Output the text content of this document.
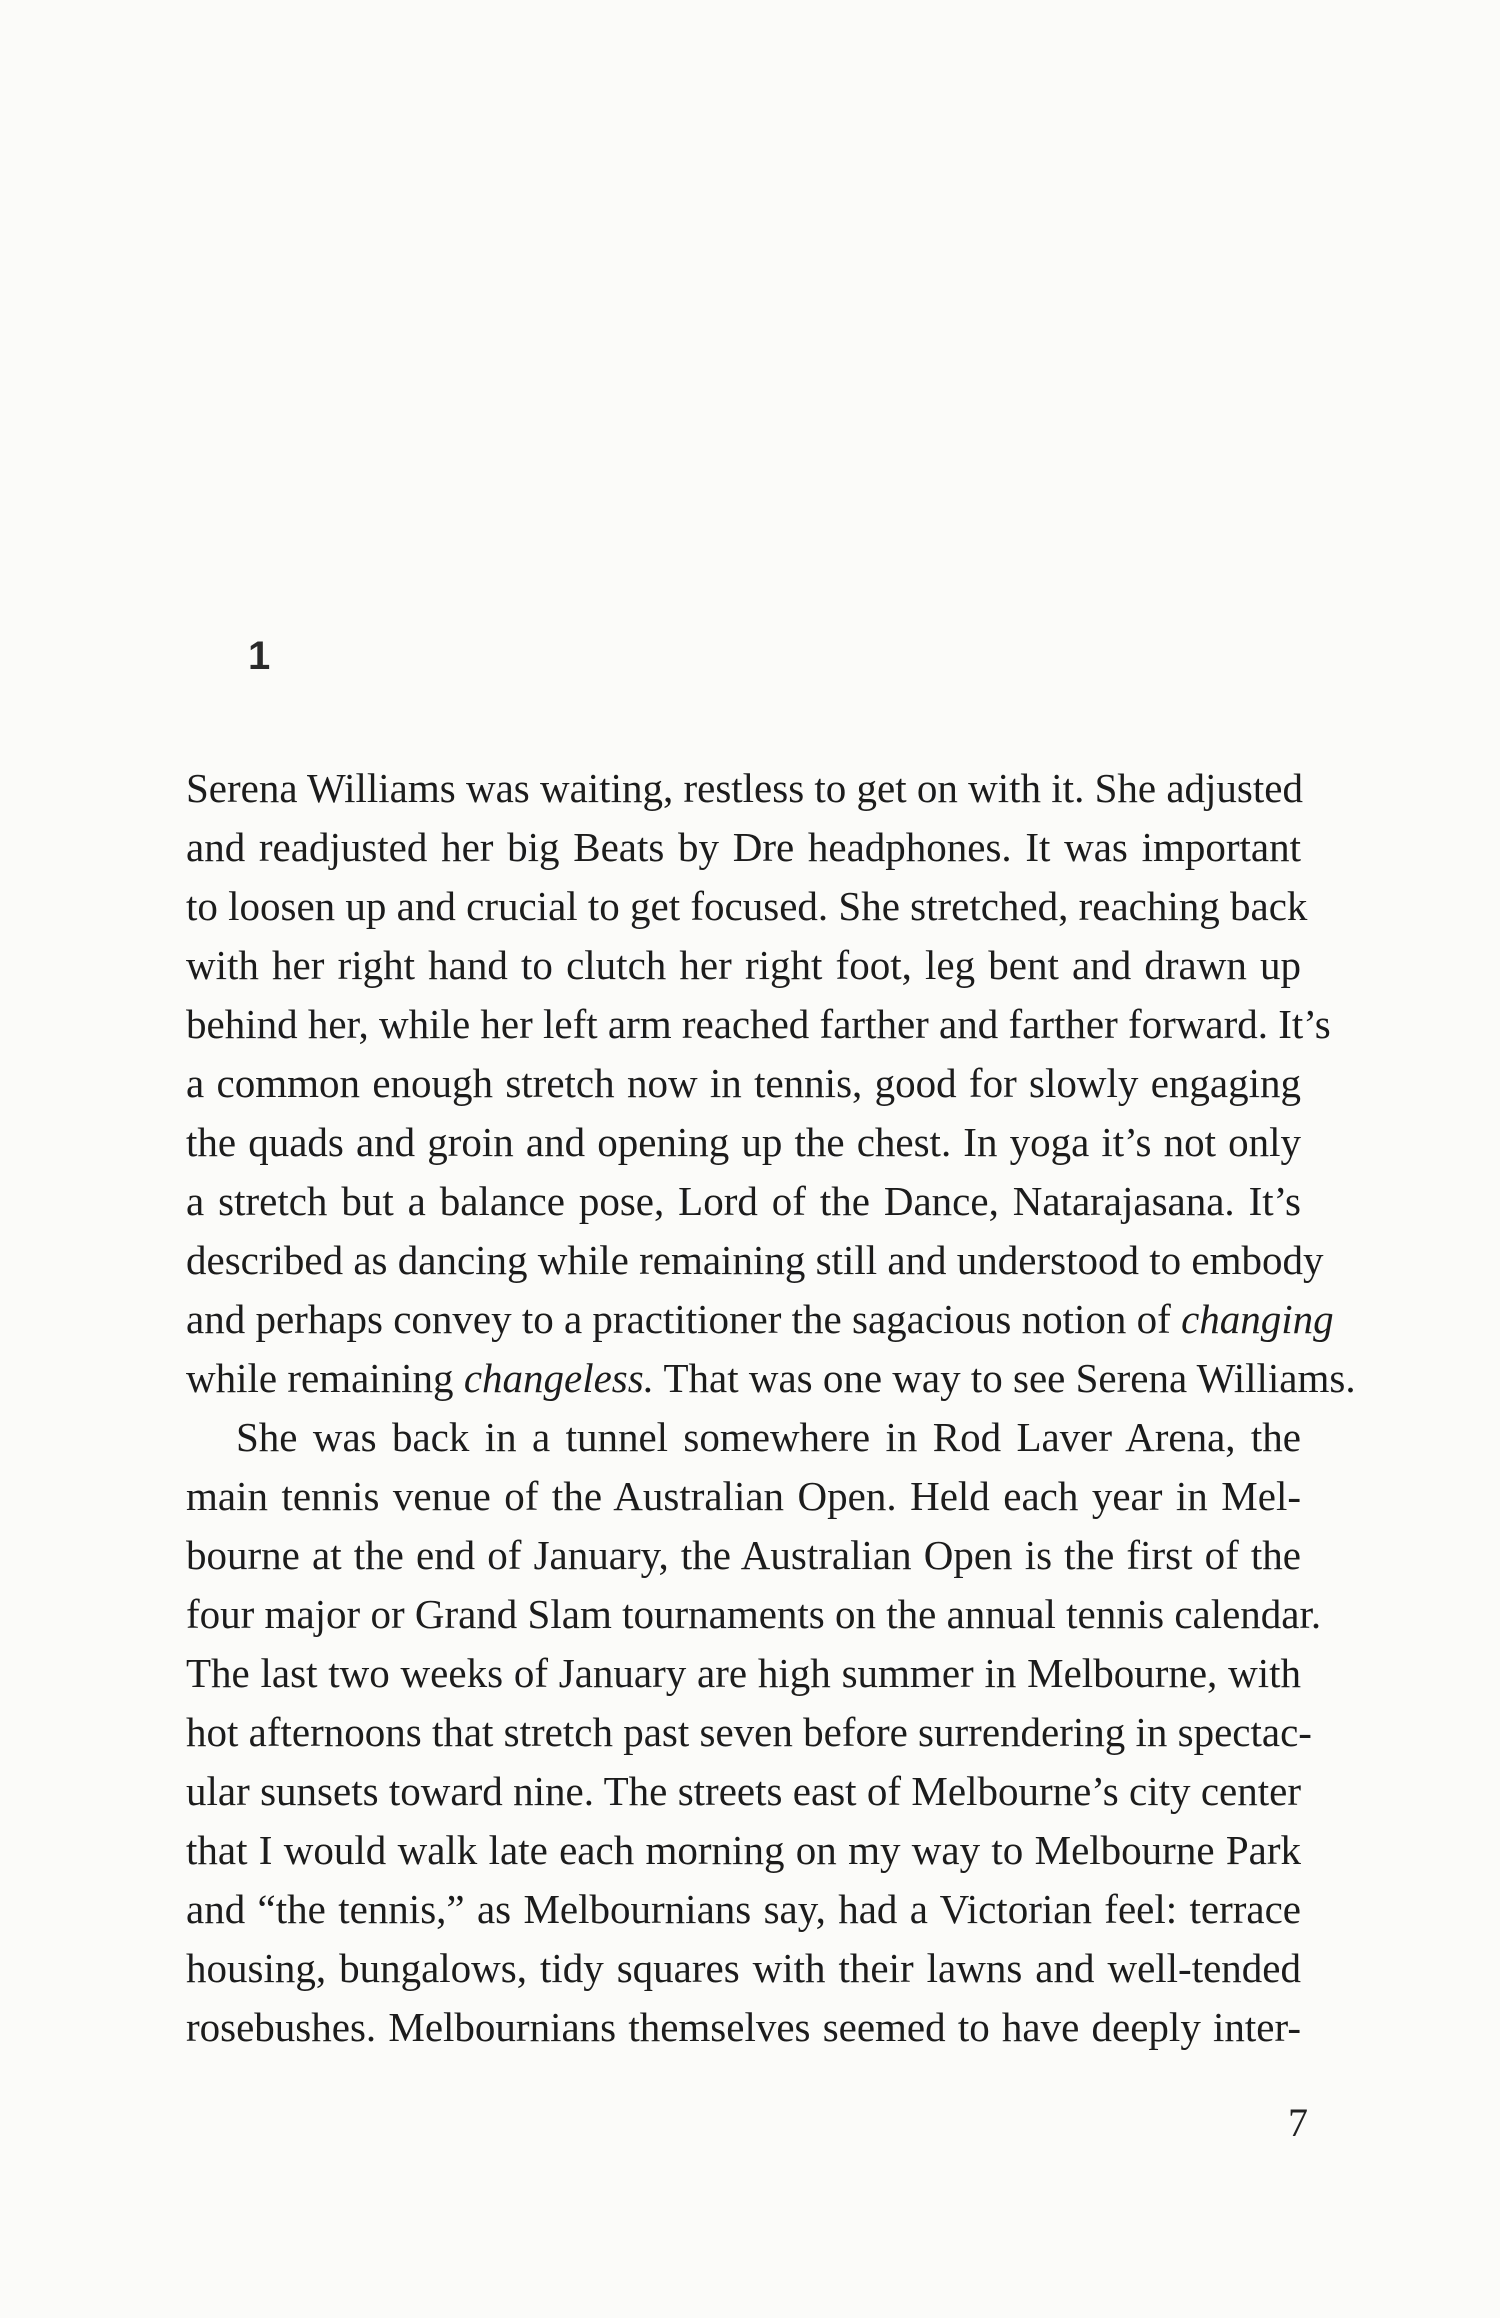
1
Serena Williams was waiting, restless to get on with it. She adjusted
and readjusted her big Beats by Dre headphones. It was important
to loosen up and crucial to get focused. She stretched, reaching back
with her right hand to clutch her right foot, leg bent and drawn up
behind her, while her left arm reached farther and farther forward. It’s
a common enough stretch now in tennis, good for slowly engaging
the quads and groin and opening up the chest. In yoga it’s not only
a stretch but a balance pose, Lord of the Dance, Natarajasana. It’s
described as dancing while remaining still and understood to embody
and perhaps convey to a practitioner the sagacious notion of changing
while remaining changeless. That was one way to see Serena Williams.
She was back in a tunnel somewhere in Rod Laver Arena, the
main tennis venue of the Australian Open. Held each year in Mel-
bourne at the end of January, the Australian Open is the first of the
four major or Grand Slam tournaments on the annual tennis calendar.
The last two weeks of January are high summer in Melbourne, with
hot afternoons that stretch past seven before surrendering in spectac-
ular sunsets toward nine. The streets east of Melbourne’s city center
that I would walk late each morning on my way to Melbourne Park
and “the tennis,” as Melbournians say, had a Victorian feel: terrace
housing, bungalows, tidy squares with their lawns and well-tended
rosebushes. Melbournians themselves seemed to have deeply inter-
7
